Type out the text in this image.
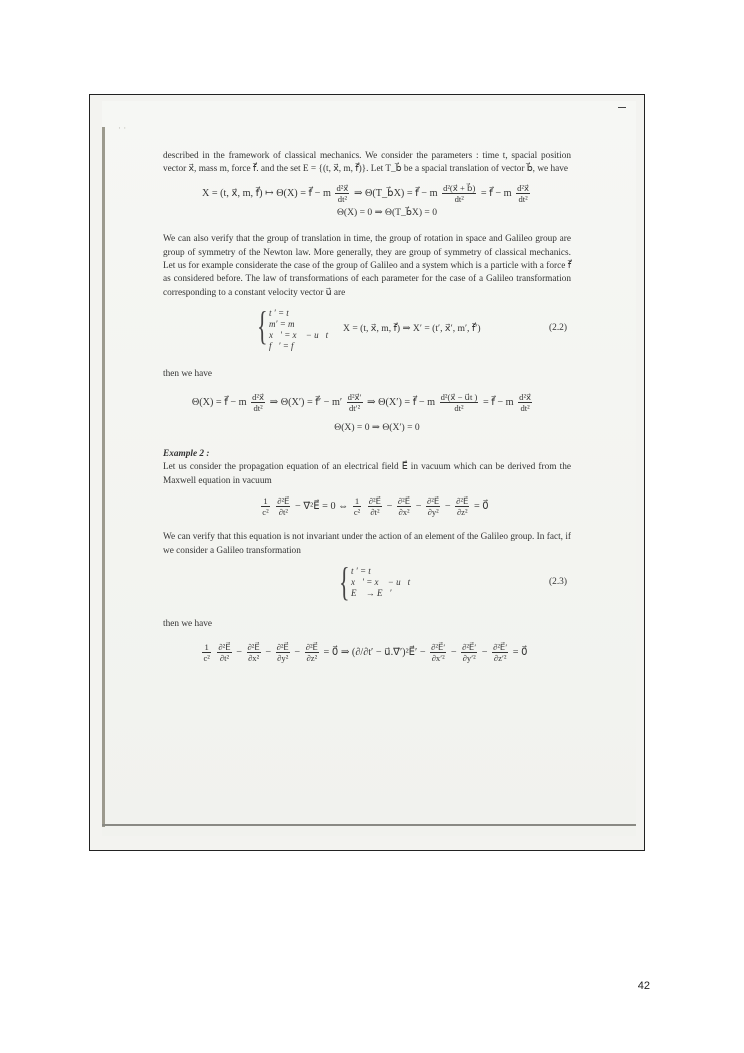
· ·

described in the framework of classical mechanics. We consider the parameters : time t, spacial position vector x⃗, mass m, force f⃗. and the set E = {(t, x⃗, m, f⃗)}. Let T_b⃗ be a spacial translation of vector b⃗, we have

X = (t, x⃗, m, f⃗) ↦ Θ(X) = f⃗ − m $\frac{\text{d²x⃗}}{\text{dt²}}$ ⇒ Θ(T_b⃗X) = f⃗ − m $\frac{\text{d²(x⃗ + b⃗)}}{\text{dt²}}$ = f⃗ − m $\frac{\text{d²x⃗}}{\text{dt²}}$
Θ(X) = 0 ⇒ Θ(T_b⃗X) = 0

We can also verify that the group of translation in time, the group of rotation in space and Galileo group are group of symmetry of the Newton law. More generally, they are group of symmetry of classical mechanics. Let us for example considerate the case of the group of Galileo and a system which is a particle with a force f⃗ as considered before. The law of transformations of each parameter for the case of a Galileo transformation corresponding to a constant velocity vector u⃗ are

{ t ′ = t
m′ = m
x⃗′ = x⃗ − u⃗t
f⃗′ = f⃗
X = (t, x⃗, m, f⃗) ⇒ X′ = (t′, x⃗′, m′, f⃗′)	(2.2)

then we have

Θ(X) = f⃗ − m $\frac{\text{d²x⃗}}{\text{dt²}}$ ⇒ Θ(X′) = f⃗′ − $m' \frac{\text{d²x⃗′}}{\text{dt′²}}$ ⇒ Θ(X′) = f⃗ − m $\frac{\text{d²(x⃗ − u⃗t )}}{\text{dt²}}$ = f⃗ − m $\frac{\text{d²x⃗}}{\text{dt²}}$
Θ(X) = 0 ⇒ Θ(X′) = 0

Example 2 :

Let us consider the propagation equation of an electrical field E⃗ in vacuum which can be derived from the Maxwell equation in vacuum

$\frac{1}{\text{c²}}$
$\frac{\text{∂²E⃗}}{\text{∂t²}}$ − ∇⃗²E⃗ = 0 ⇔ $\frac{1}{\text{c²}}$
$\frac{\text{∂²E⃗}}{\text{∂t²}} - \frac{\text{∂²E⃗}}{\text{∂x²}} - \frac{\text{∂²E⃗}}{\text{∂y²}} - \frac{\text{∂²E⃗}}{\text{∂z²}}$ = 0⃗

We can verify that this equation is not invariant under the action of an element of the Galileo group. In fact, if we consider a Galileo transformation

{ t ′ = t
x⃗′ = x⃗ − u⃗t
E⃗ → E⃗′
(2.3)

then we have

$\frac{1}{\text{c²}}$
$\frac{\text{∂²E⃗}}{\text{∂t²}} - \frac{\text{∂²E⃗}}{\text{∂x²}} - \frac{\text{∂²E⃗}}{\text{∂y²}} - \frac{\text{∂²E⃗}}{\text{∂z²}}$ = 0⃗ ⇒ (∂/∂t′ − u⃗.∇⃗′)²E⃗′ − $\frac{\text{∂²E⃗′}}{\text{∂x′²}} - \frac{\text{∂²E⃗′}}{\text{∂y′²}} - \frac{\text{∂²E⃗′}}{\text{∂z′²}}$ = 0⃗
42
